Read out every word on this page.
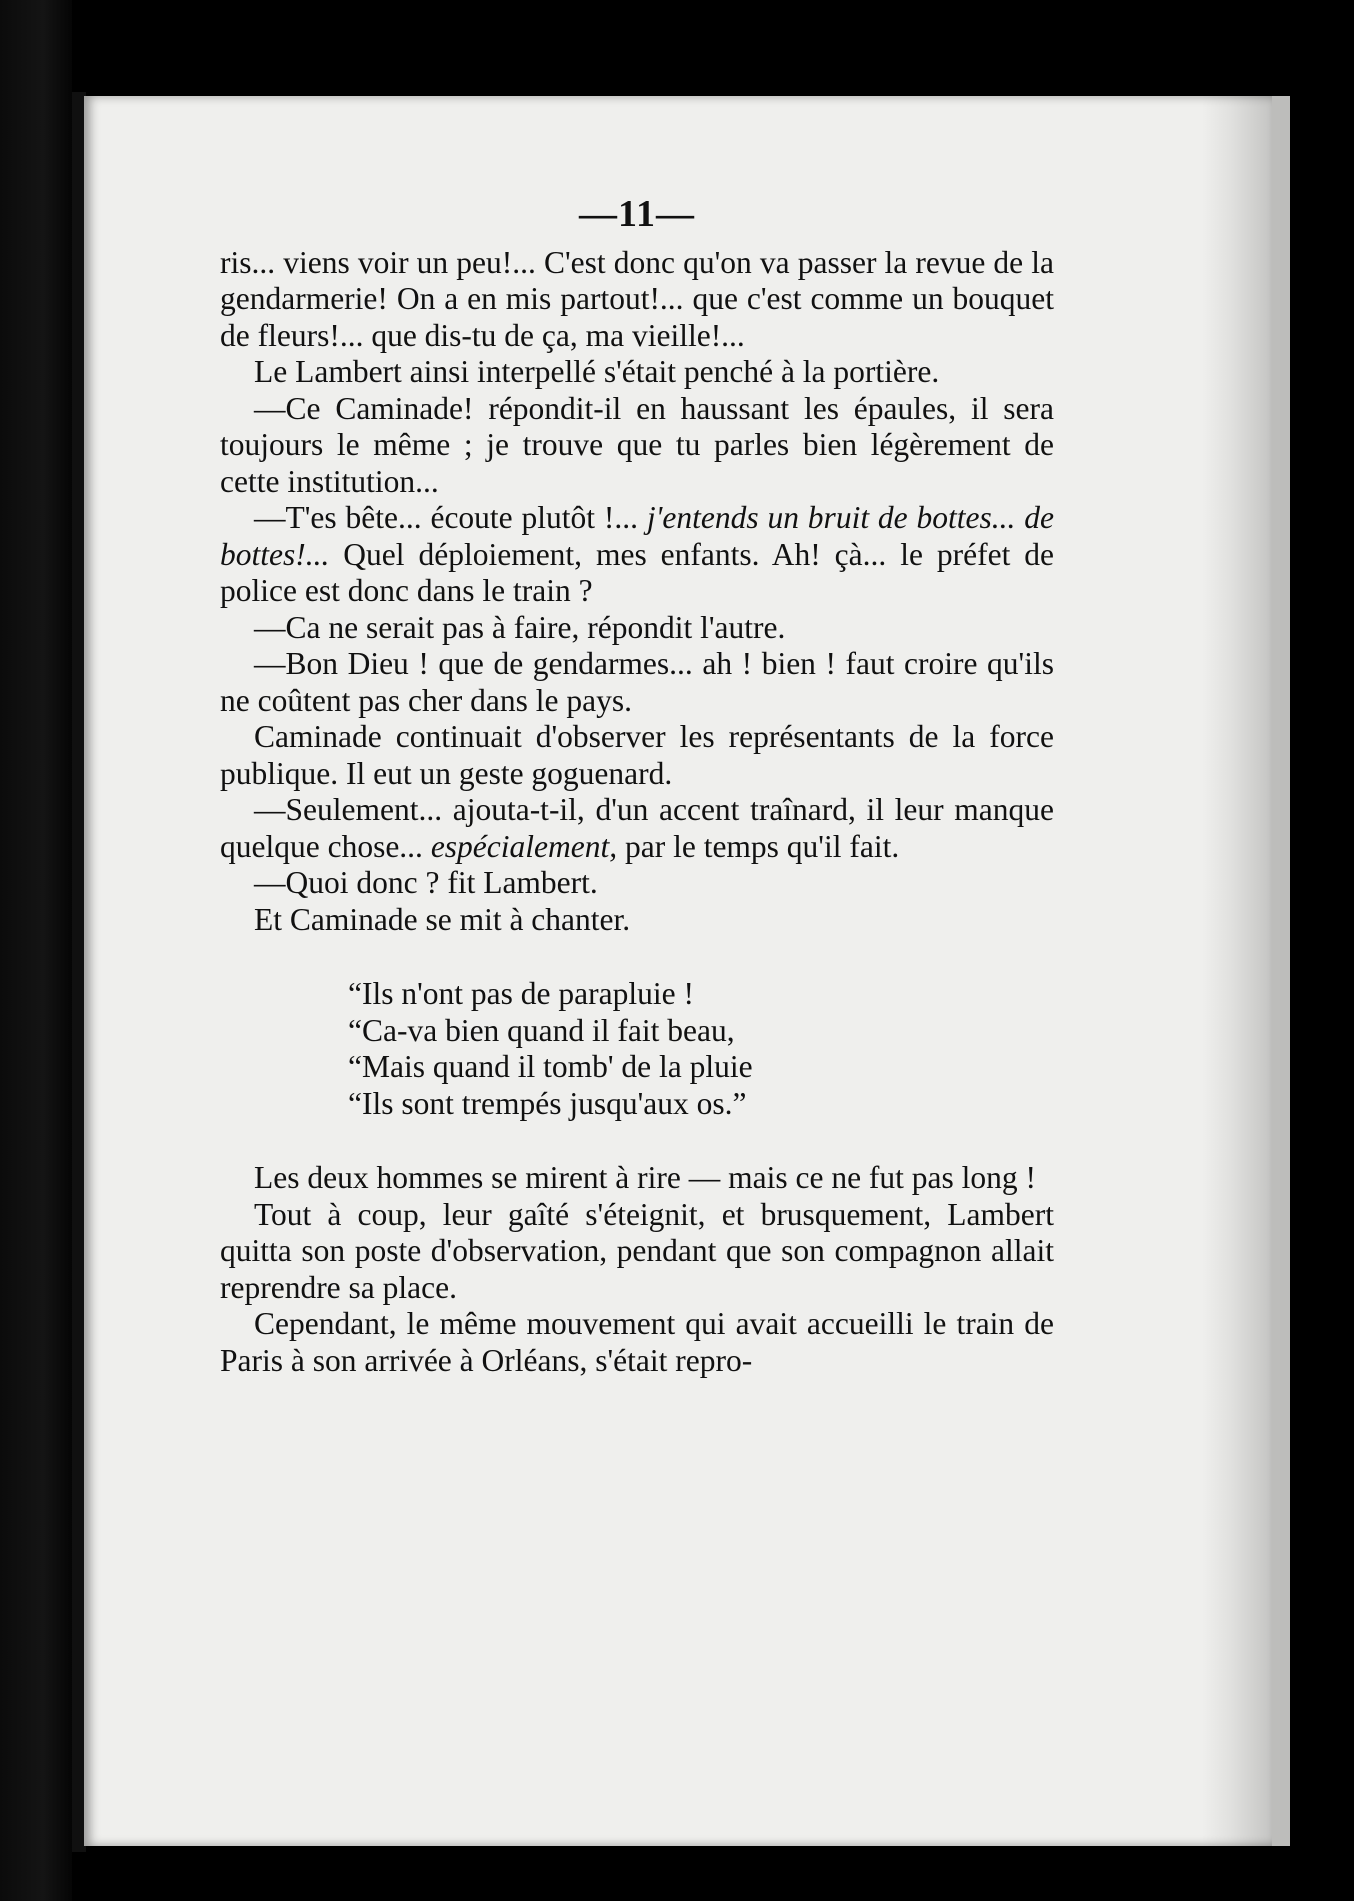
—11—

ris... viens voir un peu!... C'est donc qu'on va passer la revue de la gendarmerie! On a en mis partout!... que c'est comme un bouquet de fleurs!... que dis-tu de ça, ma vieille!...

Le Lambert ainsi interpellé s'était penché à la portière.

—Ce Caminade! répondit-il en haussant les épaules, il sera toujours le même ; je trouve que tu parles bien légèrement de cette institution...

—T'es bête... écoute plutôt !... j'entends un bruit de bottes... de bottes!... Quel déploiement, mes enfants. Ah! çà... le préfet de police est donc dans le train ?

—Ca ne serait pas à faire, répondit l'autre.

—Bon Dieu ! que de gendarmes... ah ! bien ! faut croire qu'ils ne coûtent pas cher dans le pays.

Caminade continuait d'observer les représentants de la force publique. Il eut un geste goguenard.

—Seulement... ajouta-t-il, d'un accent traînard, il leur manque quelque chose... espécialement, par le temps qu'il fait.

—Quoi donc ? fit Lambert.

Et Caminade se mit à chanter.

“Ils n'ont pas de parapluie !
“Ca-va bien quand il fait beau,
“Mais quand il tomb' de la pluie
“Ils sont trempés jusqu'aux os.”

Les deux hommes se mirent à rire — mais ce ne fut pas long !

Tout à coup, leur gaîté s'éteignit, et brusquement, Lambert quitta son poste d'observation, pendant que son compagnon allait reprendre sa place.

Cependant, le même mouvement qui avait accueilli le train de Paris à son arrivée à Orléans, s'était repro-
